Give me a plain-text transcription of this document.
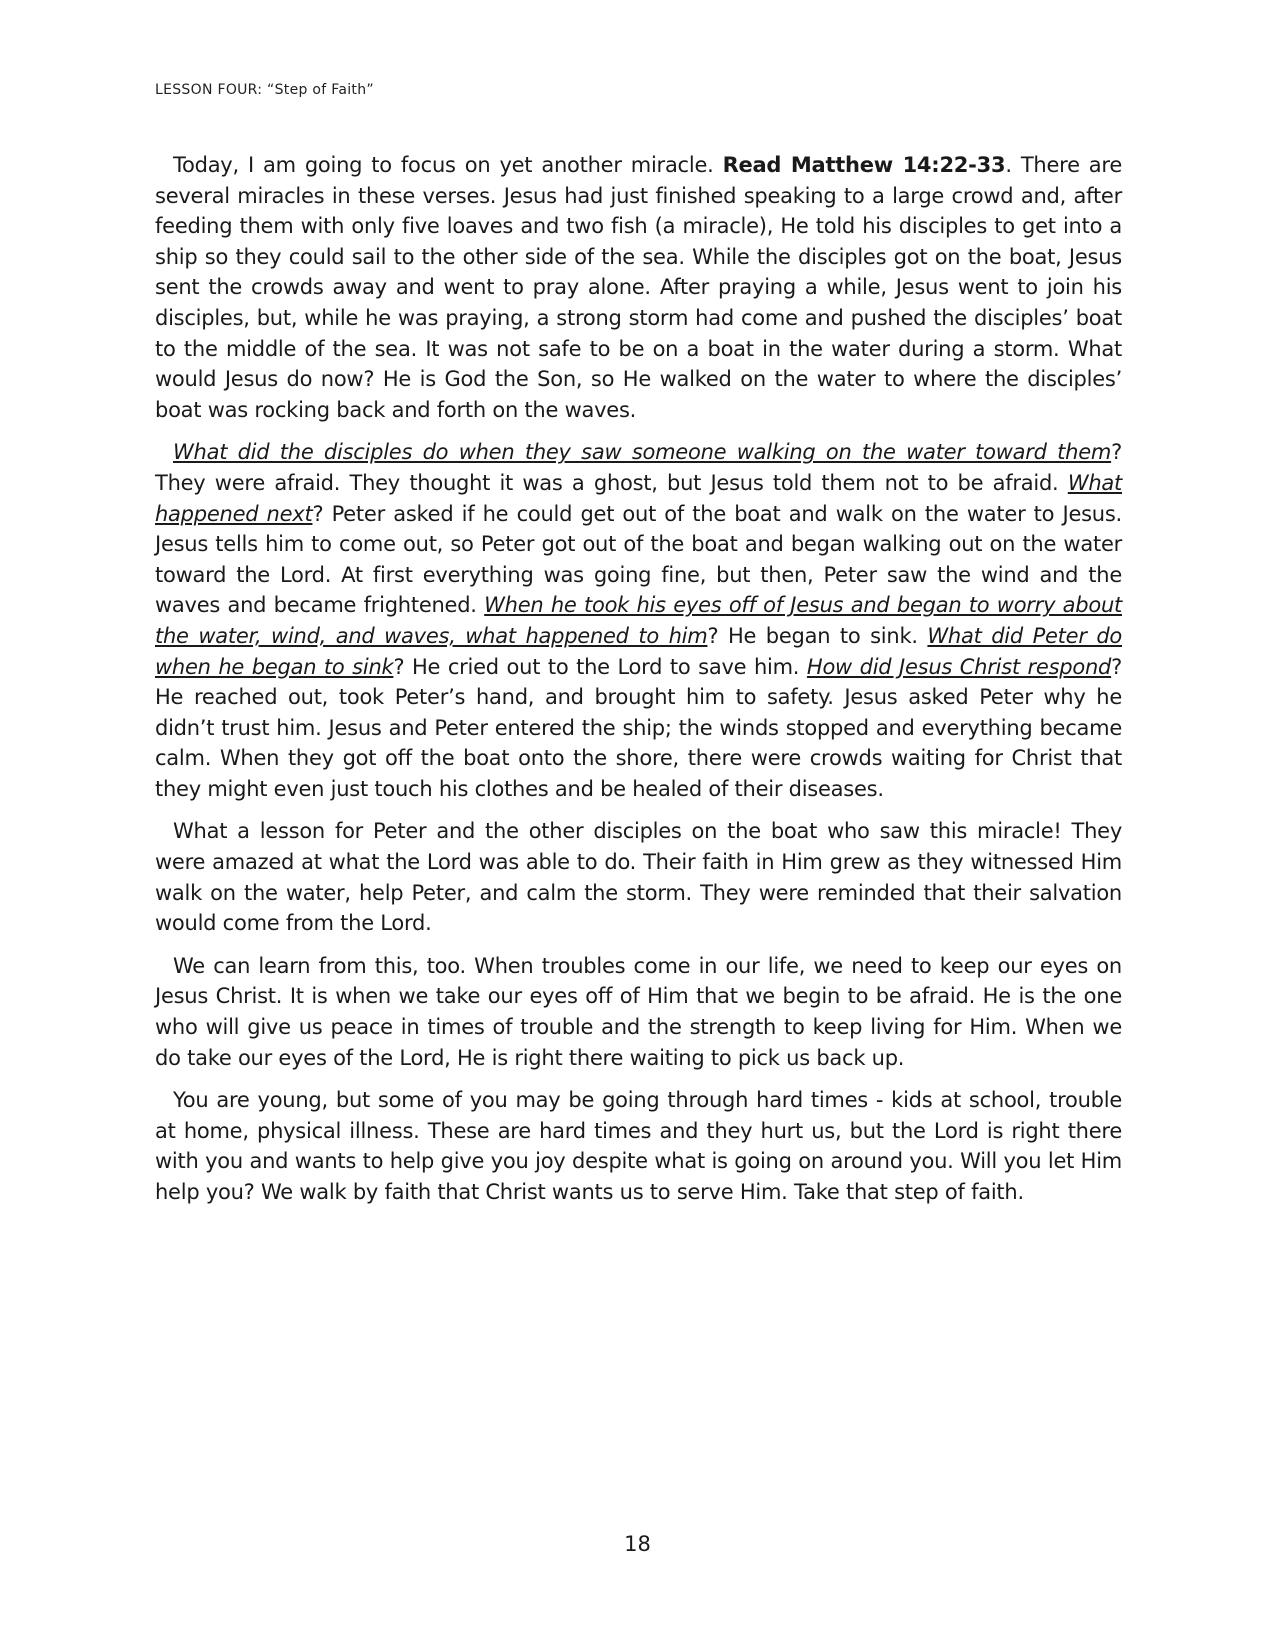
LESSON FOUR: “Step of Faith”

Today, I am going to focus on yet another miracle. Read Matthew 14:22-33. There are several miracles in these verses. Jesus had just finished speaking to a large crowd and, after feeding them with only five loaves and two fish (a miracle), He told his disciples to get into a ship so they could sail to the other side of the sea. While the disciples got on the boat, Jesus sent the crowds away and went to pray alone. After praying a while, Jesus went to join his disciples, but, while he was praying, a strong storm had come and pushed the disciples’ boat to the middle of the sea. It was not safe to be on a boat in the water during a storm. What would Jesus do now? He is God the Son, so He walked on the water to where the disciples’ boat was rocking back and forth on the waves.

What did the disciples do when they saw someone walking on the water toward them? They were afraid. They thought it was a ghost, but Jesus told them not to be afraid. What happened next? Peter asked if he could get out of the boat and walk on the water to Jesus. Jesus tells him to come out, so Peter got out of the boat and began walking out on the water toward the Lord. At first everything was going fine, but then, Peter saw the wind and the waves and became frightened. When he took his eyes off of Jesus and began to worry about the water, wind, and waves, what happened to him? He began to sink. What did Peter do when he began to sink? He cried out to the Lord to save him. How did Jesus Christ respond? He reached out, took Peter’s hand, and brought him to safety. Jesus asked Peter why he didn’t trust him. Jesus and Peter entered the ship; the winds stopped and everything became calm. When they got off the boat onto the shore, there were crowds waiting for Christ that they might even just touch his clothes and be healed of their diseases.

What a lesson for Peter and the other disciples on the boat who saw this miracle! They were amazed at what the Lord was able to do. Their faith in Him grew as they witnessed Him walk on the water, help Peter, and calm the storm. They were reminded that their salvation would come from the Lord.

We can learn from this, too. When troubles come in our life, we need to keep our eyes on Jesus Christ. It is when we take our eyes off of Him that we begin to be afraid. He is the one who will give us peace in times of trouble and the strength to keep living for Him. When we do take our eyes of the Lord, He is right there waiting to pick us back up.

You are young, but some of you may be going through hard times - kids at school, trouble at home, physical illness. These are hard times and they hurt us, but the Lord is right there with you and wants to help give you joy despite what is going on around you. Will you let Him help you? We walk by faith that Christ wants us to serve Him. Take that step of faith.

18
